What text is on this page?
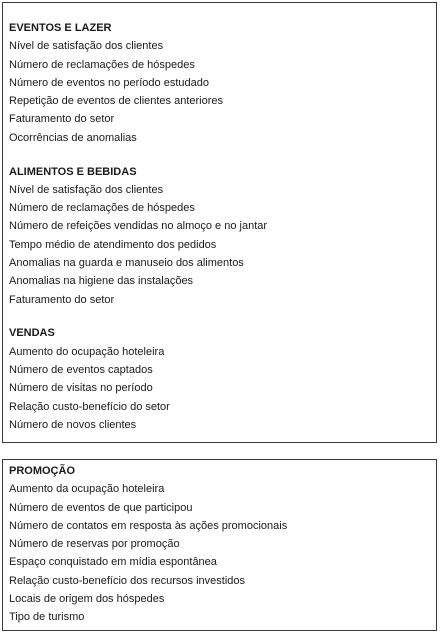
EVENTOS E LAZER
Nível de satisfação dos clientes
Número de reclamações de hóspedes
Número de eventos no período estudado
Repetição de eventos de clientes anteriores
Faturamento do setor
Ocorrências de anomalias
ALIMENTOS E BEBIDAS
Nível de satisfação dos clientes
Número de reclamações de hóspedes
Número de refeições vendidas no almoço e no jantar
Tempo médio de atendimento dos pedidos
Anomalias na guarda e manuseio dos alimentos
Anomalias na higiene das instalações
Faturamento do setor
VENDAS
Aumento do ocupação hoteleira
Número de eventos captados
Número de visitas no período
Relação custo-benefício do setor
Número de novos clientes
PROMOÇÃO
Aumento da ocupação hoteleira
Número de eventos de que participou
Número de contatos em resposta às ações promocionais
Número de reservas por promoção
Espaço conquistado em mídia espontânea
Relação custo-benefício dos recursos investidos
Locais de origem dos hóspedes
Tipo de turismo
